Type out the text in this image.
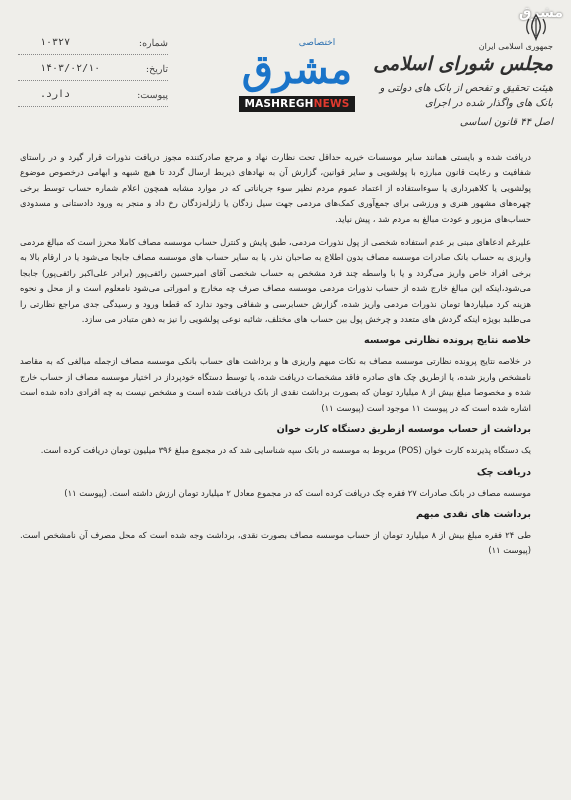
مشرق
شماره:
۱۰۳۲۷
تاریخ:
۱۴۰۳/۰۲/۱۰
پیوست:
دارد.
اختصاصی
مشرق
MASHREGHNEWS
جمهوری اسلامی ایران
مجلس شورای اسلامی
هیئت تحقیق و تفحص از بانک های دولتی و بانک های واگذار شده در اجرای
اصل ۴۴ قانون اساسی

دریافت شده و بایستی همانند سایر موسسات خیریه حداقل تحت نظارت نهاد و مرجع صادرکننده مجوز دریافت نذورات قرار گیرد و در راستای شفافیت و رعایت قانون مبارزه با پولشویی و سایر قوانین، گزارش آن به نهادهای ذیربط ارسال گردد تا هیچ شبهه و ابهامی درخصوص موضوع پولشویی یا کلاهبرداری یا سوءاستفاده از اعتماد عموم مردم نظیر سوء جریاناتی که در موارد مشابه همچون اعلام شماره حساب توسط برخی چهره‌های مشهور هنری و ورزشی برای جمع‌آوری کمک‌های مردمی جهت سیل زدگان یا زلزله‌زدگان رخ داد و منجر به ورود دادستانی و مسدودی حساب‌های مزبور و عودت مبالغ به مردم شد ، پیش نیاید.

علیرغم ادعاهای مبنی بر عدم استفاده شخصی از پول نذورات مردمی، طبق پایش و کنترل حساب موسسه مصاف کاملا محرز است که مبالغ مردمی واریزی به حساب بانک صادرات موسسه مصاف بدون اطلاع به صاحبان نذر، یا به سایر حساب های موسسه مصاف جابجا می‌شود یا در ارقام بالا به برخی افراد خاص واریز می‌گردد و یا با واسطه چند فرد مشخص به حساب شخصی آقای امیرحسین رائفی‌پور (برادر علی‌اکبر رائفی‌پور) جابجا می‌شود،اینکه این مبالغ خارج شده از حساب نذورات مردمی موسسه مصاف صرف چه مخارج و اموراتی می‌شود نامعلوم است و از محل و نحوه هزینه کرد میلیاردها تومان نذورات مردمی واریز شده، گزارش حسابرسی و شفافی وجود ندارد که قطعا ورود و رسیدگی جدی مراجع نظارتی را می‌طلبد بویژه اینکه گردش های متعدد و چرخش پول بین حساب های مختلف، شائبه نوعی پولشویی را نیز به ذهن متبادر می سازد.

خلاصه نتایج پرونده نظارتی موسسه

در خلاصه نتایج پرونده نظارتی موسسه مصاف به نکات مبهم واریزی ها و برداشت های حساب بانکی موسسه مصاف ازجمله مبالغی که به مقاصد نامشخص واریز شده، یا ازطریق چک های صادره فاقد مشخصات دریافت شده، یا توسط دستگاه خودپرداز در اختیار موسسه مصاف از حساب خارج شده و مخصوصا مبلغ بیش از ۸ میلیارد تومان که بصورت برداشت نقدی از بانک دریافت شده است و مشخص نیست به چه افرادی داده شده است اشاره شده است که در پیوست ۱۱ موجود است (پیوست ۱۱)

برداشت از حساب موسسه ازطریق دستگاه کارت خوان

یک دستگاه پذیرنده کارت خوان (POS) مربوط به موسسه در بانک سپه شناسایی شد که در مجموع مبلغ ۳۹۶ میلیون تومان دریافت کرده است.

دریافت چک

موسسه مصاف در بانک صادرات ۲۷ فقره چک دریافت کرده است که در مجموع معادل ۲ میلیارد تومان ارزش داشته است. (پیوست ۱۱)

برداشت های نقدی مبهم

طی ۲۴ فقره مبلغ بیش از ۸ میلیارد تومان از حساب موسسه مصاف بصورت نقدی، برداشت وجه شده است که محل مصرف آن نامشخص است.(پیوست ۱۱)
